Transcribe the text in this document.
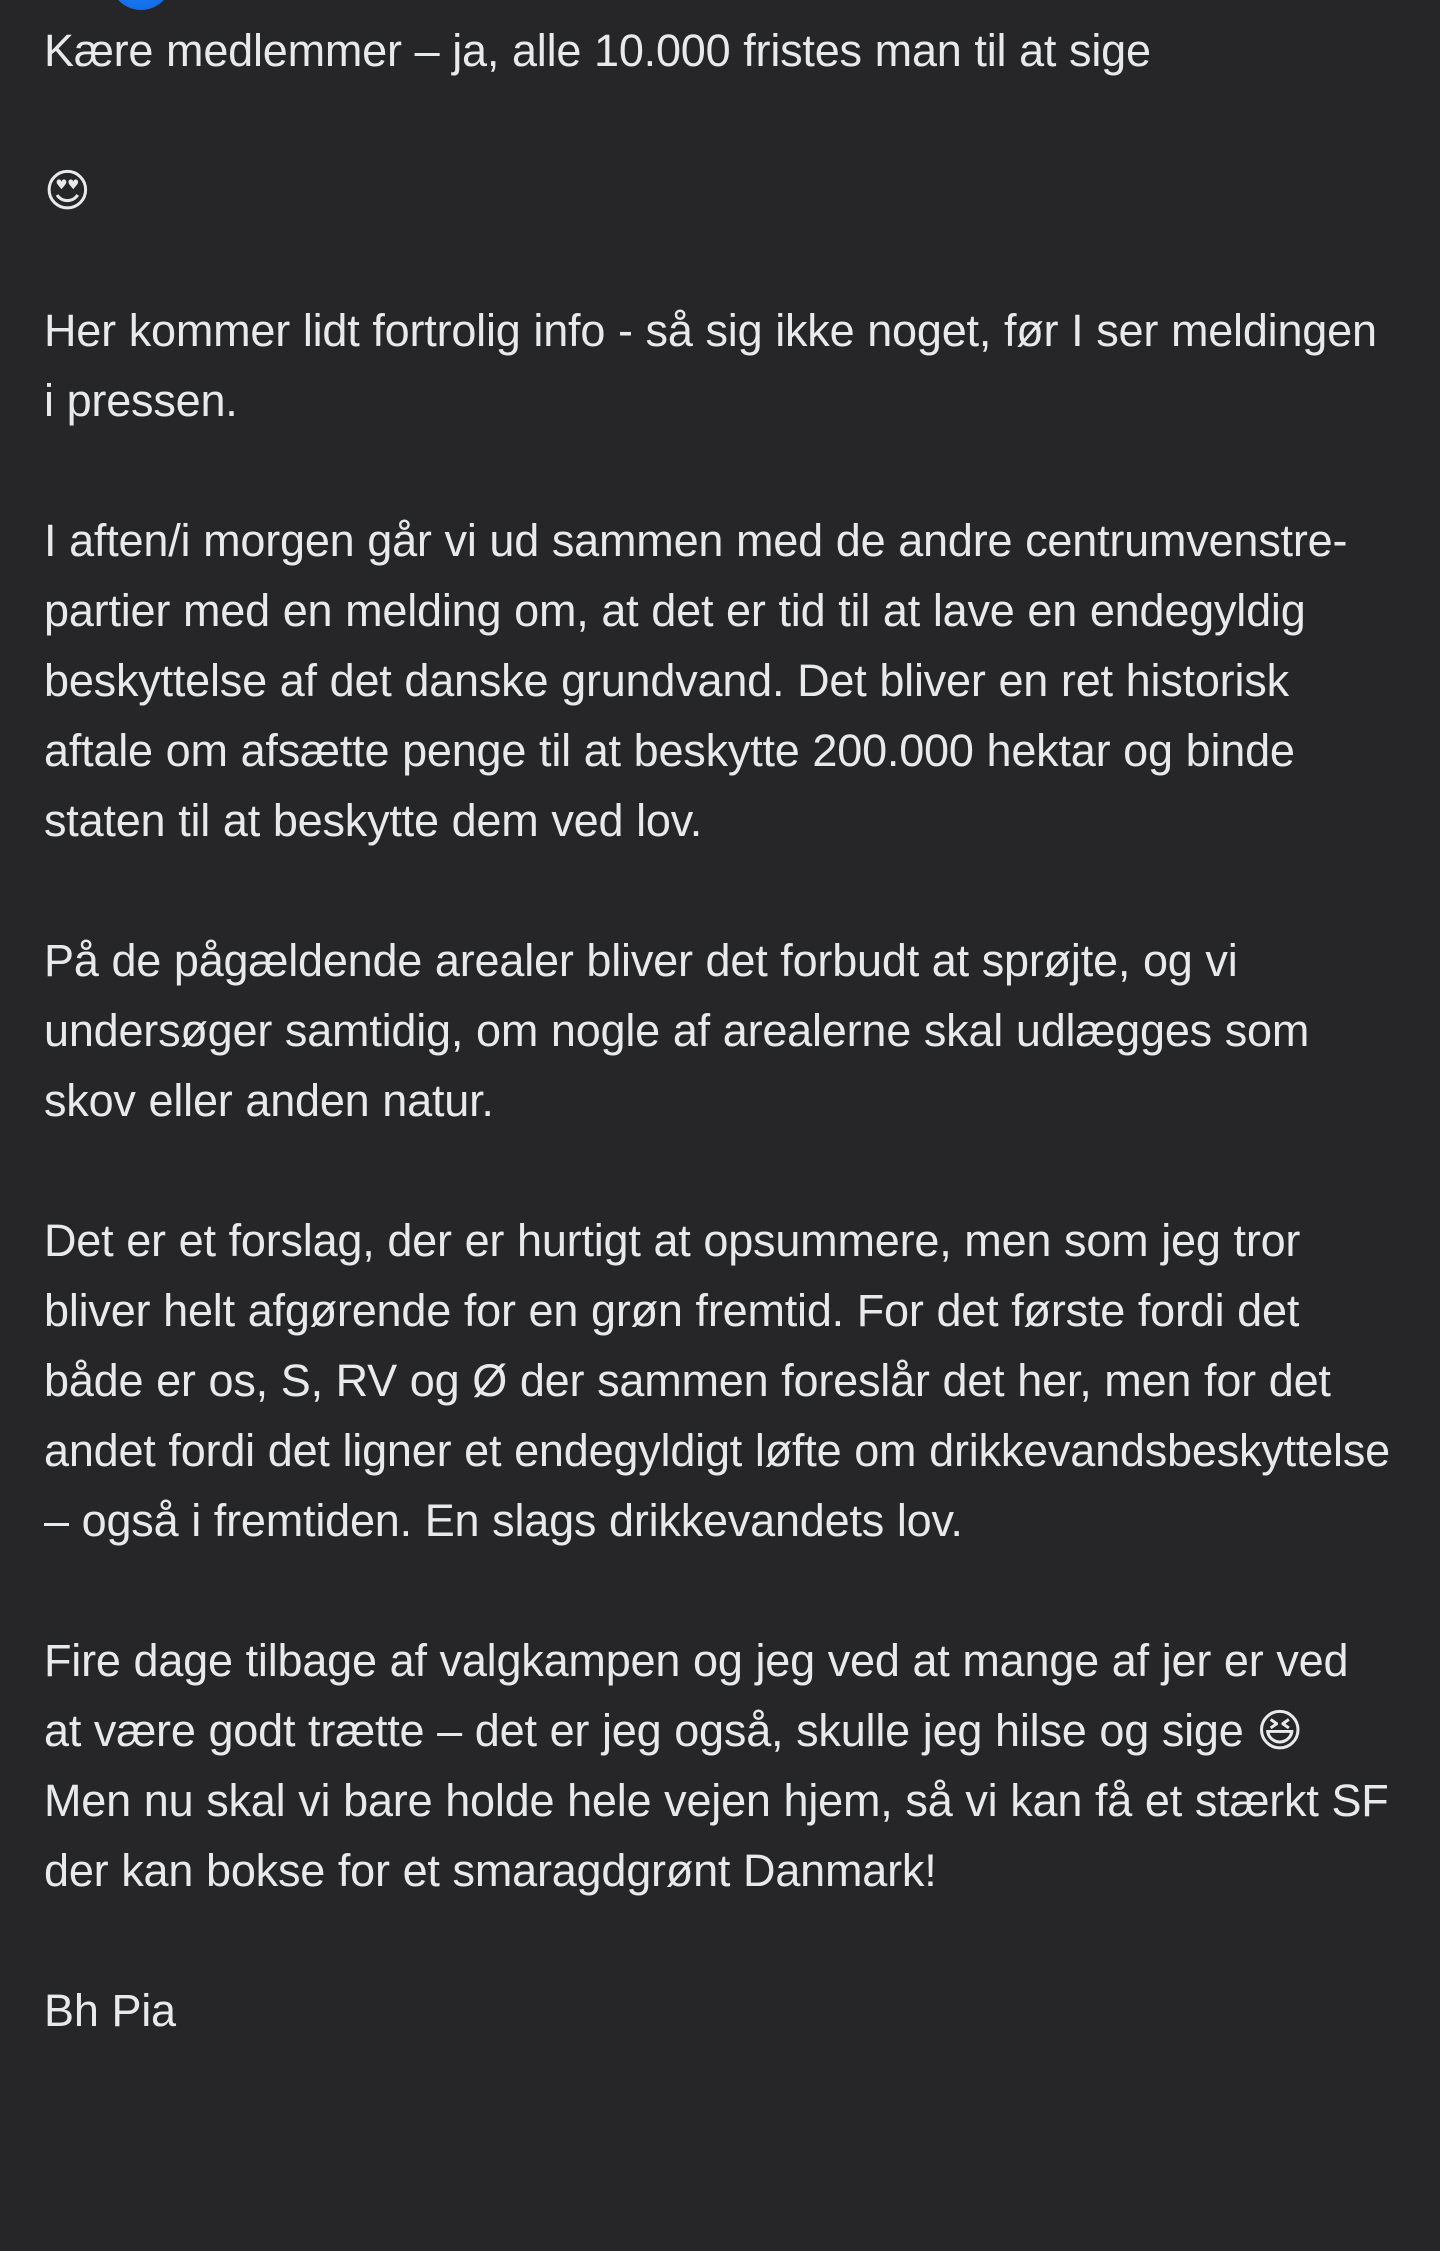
Kære medlemmer – ja, alle 10.000 fristes man til at sige

😍

Her kommer lidt fortrolig info - så sig ikke noget, før I ser meldingen i pressen.

I aften/i morgen går vi ud sammen med de andre centrumvenstre-partier med en melding om, at det er tid til at lave en endegyldig beskyttelse af det danske grundvand. Det bliver en ret historisk aftale om afsætte penge til at beskytte 200.000 hektar og binde staten til at beskytte dem ved lov.

På de pågældende arealer bliver det forbudt at sprøjte, og vi undersøger samtidig, om nogle af arealerne skal udlægges som skov eller anden natur.

Det er et forslag, der er hurtigt at opsummere, men som jeg tror bliver helt afgørende for en grøn fremtid. For det første fordi det både er os, S, RV og Ø der sammen foreslår det her, men for det andet fordi det ligner et endegyldigt løfte om drikkevandsbeskyttelse – også i fremtiden. En slags drikkevandets lov.

Fire dage tilbage af valgkampen og jeg ved at mange af jer er ved at være godt trætte – det er jeg også, skulle jeg hilse og sige 😆 Men nu skal vi bare holde hele vejen hjem, så vi kan få et stærkt SF der kan bokse for et smaragdgrønt Danmark!

Bh Pia
